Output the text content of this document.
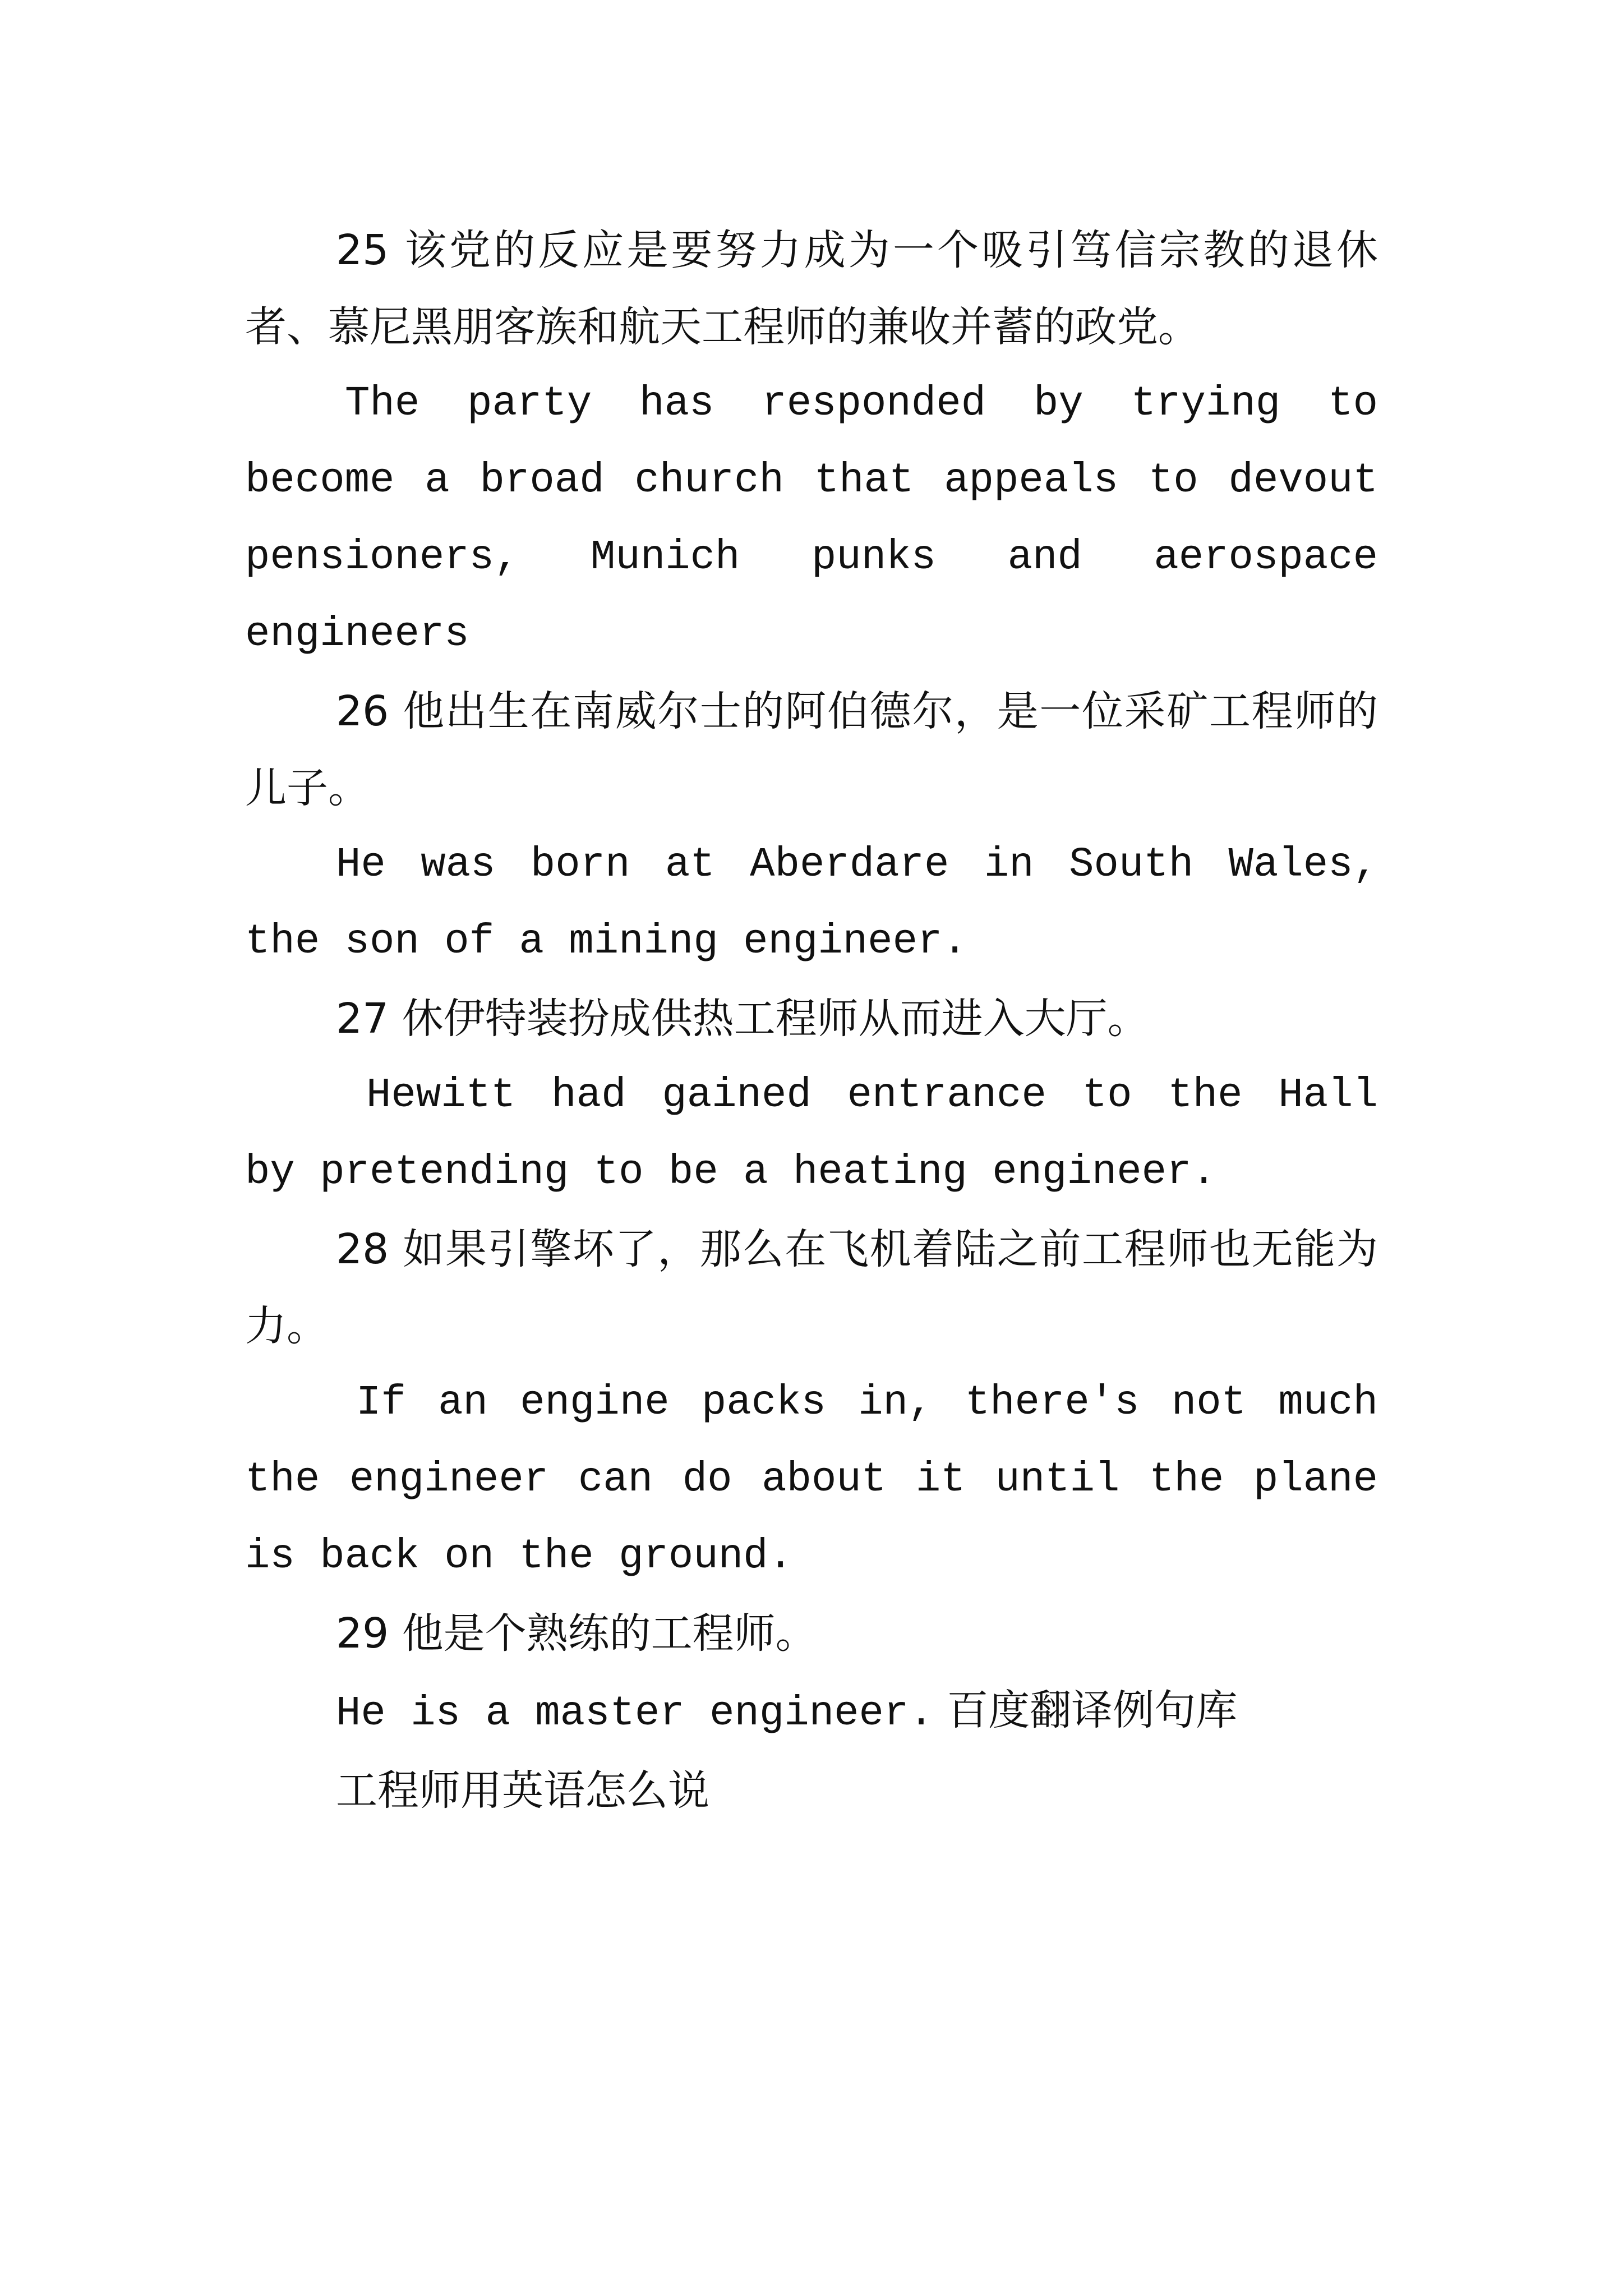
25 该党的反应是要努力成为一个吸引笃信宗教的退休者、慕尼黑朋客族和航天工程师的兼收并蓄的政党。

The party has responded by trying to become a broad church that appeals to devout pensioners, Munich punks and aerospace engineers

26 他出生在南威尔士的阿伯德尔，是一位采矿工程师的儿子。

He was born at Aberdare in South Wales, the son of a mining engineer.

27 休伊特装扮成供热工程师从而进入大厅。

Hewitt had gained entrance to the Hall by pretending to be a heating engineer.

28 如果引擎坏了，那么在飞机着陆之前工程师也无能为力。

If an engine packs in, there's not much the engineer can do about it until the plane is back on the ground.

29 他是个熟练的工程师。

He is a master engineer. 百度翻译例句库

工程师用英语怎么说
